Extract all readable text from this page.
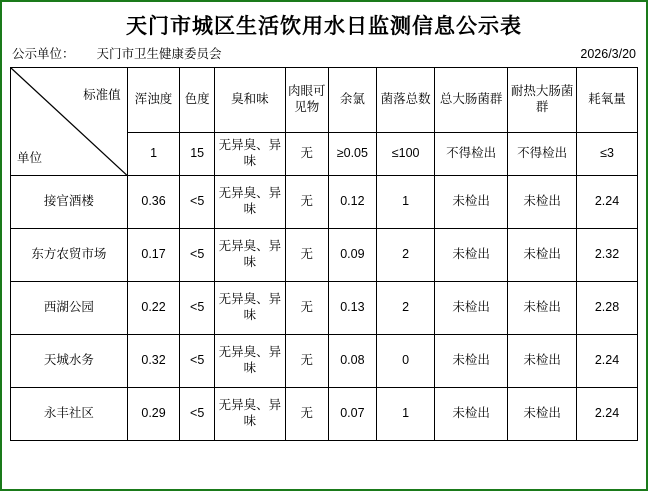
天门市城区生活饮用水日监测信息公示表
公示单位： 天门市卫生健康委员会	2026/3/20
标准值
单位	浑浊度	色度	臭和味	肉眼可见物	余氯	菌落总数	总大肠菌群	耐热大肠菌群	耗氧量
	1	15	无异臭、异味	无	≥0.05	≤100	不得检出	不得检出	≤3
接官酒楼	0.36	<5	无异臭、异味	无	0.12	1	未检出	未检出	2.24
东方农贸市场	0.17	<5	无异臭、异味	无	0.09	2	未检出	未检出	2.32
西湖公园	0.22	<5	无异臭、异味	无	0.13	2	未检出	未检出	2.28
天城水务	0.32	<5	无异臭、异味	无	0.08	0	未检出	未检出	2.24
永丰社区	0.29	<5	无异臭、异味	无	0.07	1	未检出	未检出	2.24
